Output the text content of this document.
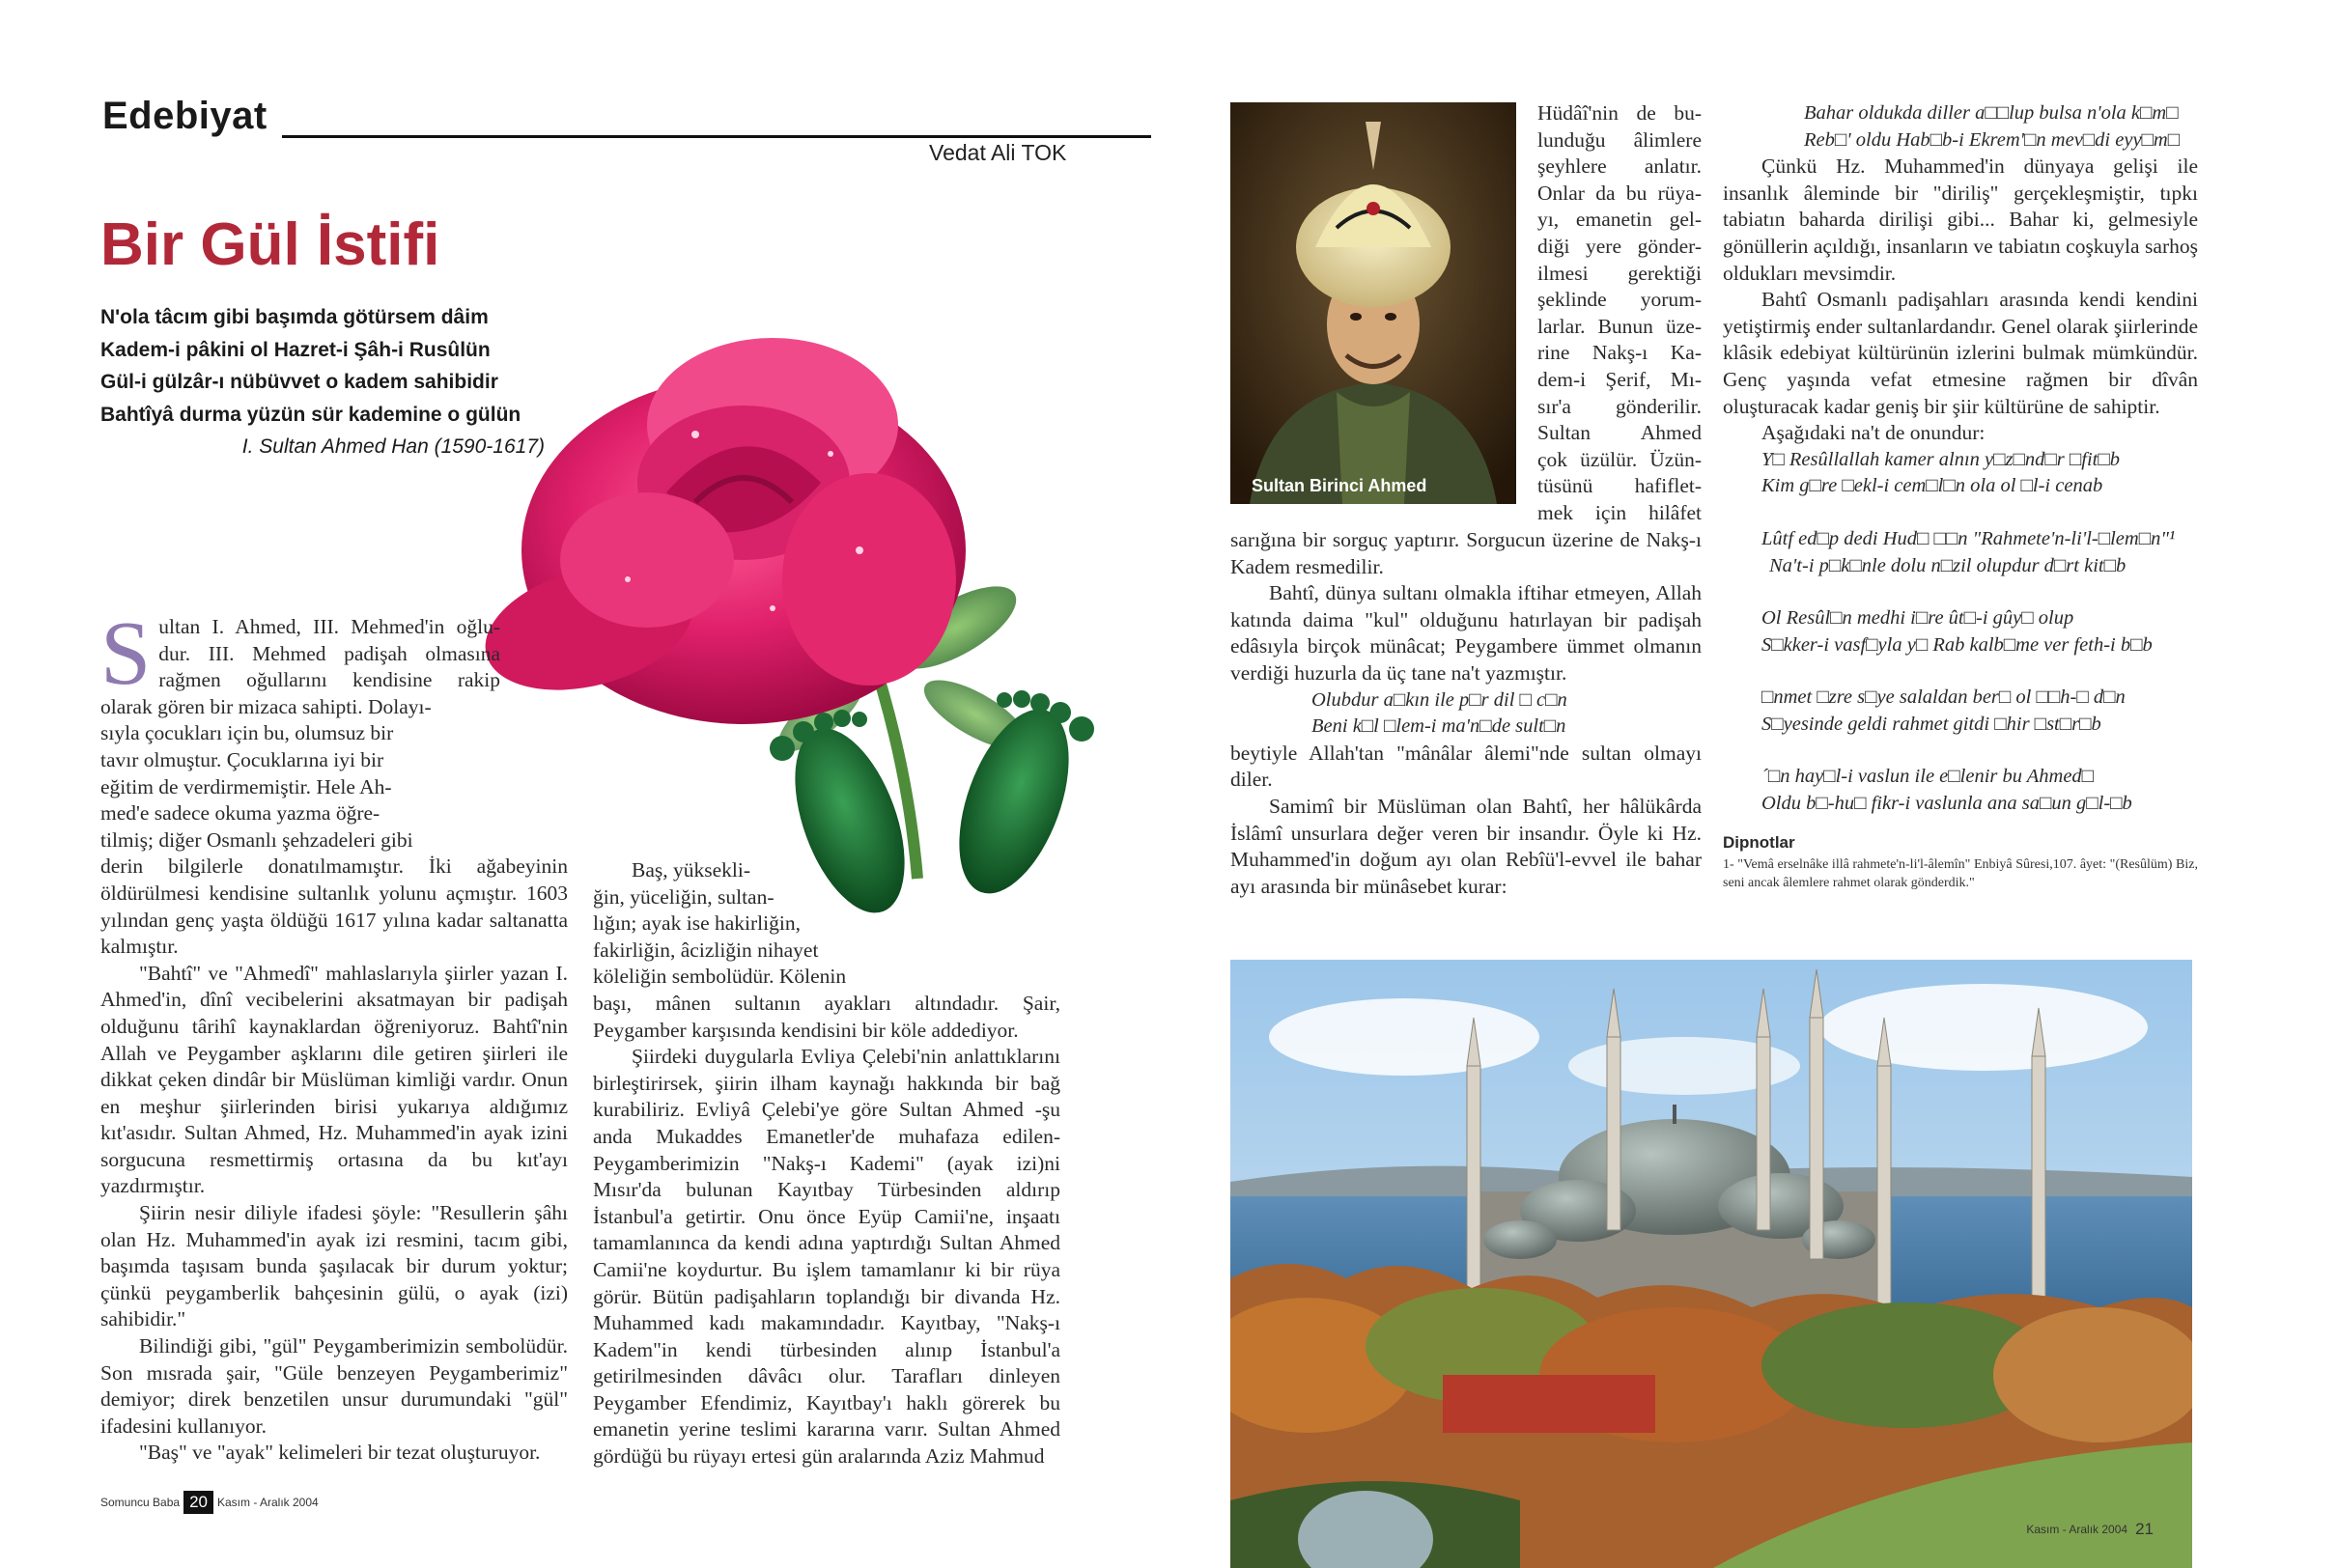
Edebiyat
Vedat Ali TOK
Bir Gül İstifi
N'ola tâcım gibi başımda götürsem dâim
Kadem-i pâkini ol Hazret-i Şâh-i Rusûlün
Gül-i gülzâr-ı nübüvvet o kadem sahibidir
Bahtîyâ durma yüzün sür kademine o gülün
I. Sultan Ahmed Han (1590-1617)
S ultan I. Ahmed, III. Mehmed'in oğlu-
dur. III. Mehmed padişah olmasına
rağmen oğullarını kendisine rakip
olarak gören bir mizaca sahipti. Dolayı-
sıyla çocukları için bu, olumsuz bir
tavır olmuştur. Çocuklarına iyi bir
eğitim de verdirmemiştir. Hele Ah-
med'e sadece okuma yazma öğre-
tilmiş; diğer Osmanlı şehzadeleri gibi

derin bilgilerle donatılmamıştır. İki ağabeyinin öldürülmesi kendisine sultanlık yolunu açmıştır. 1603 yılından genç yaşta öldüğü 1617 yılına kadar saltanatta kalmıştır.

"Bahtî" ve "Ahmedî" mahlaslarıyla şiirler yazan I. Ahmed'in, dînî vecibelerini aksatmayan bir padişah olduğunu târihî kaynaklardan öğreniyoruz. Bahtî'nin Allah ve Peygamber aşklarını dile getiren şiirleri ile dikkat çeken dindâr bir Müslüman kimliği vardır. Onun en meşhur şiirlerinden birisi yukarıya aldığımız kıt'asıdır. Sultan Ahmed, Hz. Muhammed'in ayak izini sorgucuna resmettirmiş ortasına da bu kıt'ayı yazdırmıştır.

Şiirin nesir diliyle ifadesi şöyle: "Resullerin şâhı olan Hz. Muhammed'in ayak izi resmini, tacım gibi, başımda taşısam bunda şaşılacak bir durum yoktur; çünkü peygamberlik bahçesinin gülü, o ayak (izi) sahibidir."

Bilindiği gibi, "gül" Peygamberimizin sembolüdür. Son mısrada şair, "Güle benzeyen Peygamberimiz" demiyor; direk benzetilen unsur durumundaki "gül" ifadesini kullanıyor.

"Baş" ve "ayak" kelimeleri bir tezat oluşturuyor.

Baş, yüksekli-
ğin, yüceliğin, sultan-
lığın; ayak ise hakirliğin,
fakirliğin, âcizliğin nihayet
köleliğin sembolüdür. Kölenin

başı, mânen sultanın ayakları altındadır. Şair, Peygamber karşısında kendisini bir köle addediyor.

Şiirdeki duygularla Evliya Çelebi'nin anlattıklarını birleştirirsek, şiirin ilham kaynağı hakkında bir bağ kurabiliriz. Evliyâ Çelebi'ye göre Sultan Ahmed -şu anda Mukaddes Emanetler'de muhafaza edilen- Peygamberimizin "Nakş-ı Kademi" (ayak izi)ni Mısır'da bulunan Kayıtbay Türbesinden aldırıp İstanbul'a getirtir. Onu önce Eyüp Camii'ne, inşaatı tamamlanınca da kendi adına yaptırdığı Sultan Ahmed Camii'ne koydurtur. Bu işlem tamamlanır ki bir rüya görür. Bütün padişahların toplandığı bir divanda Hz. Muhammed kadı makamındadır. Kayıtbay, "Nakş-ı Kadem"in kendi türbesinden alınıp İstanbul'a getirilmesinden dâvâcı olur. Tarafları dinleyen Peygamber Efendimiz, Kayıtbay'ı haklı görerek bu emanetin yerine teslimi kararına varır. Sultan Ahmed gördüğü bu rüyayı ertesi gün aralarında Aziz Mahmud

Somuncu Baba 20 Kasım - Aralık 2004
Sultan Birinci Ahmed
Hüdâî'nin de bu-
lunduğu âlimlere
şeyhlere anlatır.
Onlar da bu rüya-
yı, emanetin gel-
diği yere gönder-
ilmesi gerektiği
şeklinde yorum-
larlar. Bunun üze-
rine Nakş-ı Ka-
dem-i Şerif, Mı-
sır'a gönderilir.
Sultan Ahmed
çok üzülür. Üzün-
tüsünü hafiflet-
mek için hilâfet

sarığına bir sorguç yaptırır. Sorgucun üzerine de Nakş-ı Kadem resmedilir.

Bahtî, dünya sultanı olmakla iftihar etmeyen, Allah katında daima "kul" olduğunu hatırlayan bir padişah edâsıyla birçok münâcat; Peygambere ümmet olmanın verdiği huzurla da üç tane na't yazmıştır.

Olubdur a□kın ile p□r dil □ c□n

Beni k□l □lem-i ma'n□de sult□n

beytiyle Allah'tan "mânâlar âlemi"nde sultan olmayı diler.

Samimî bir Müslüman olan Bahtî, her hâlükârda İslâmî unsurlara değer veren bir insandır. Öyle ki Hz. Muhammed'in doğum ayı olan Rebîü'l-evvel ile bahar ayı arasında bir münâsebet kurar:

Bahar oldukda diller a□□lup bulsa n'ola k□m□

Reb□' oldu Hab□b-i Ekrem'□n mev□di eyy□m□

Çünkü Hz. Muhammed'in dünyaya gelişi ile insanlık âleminde bir "diriliş" gerçekleşmiştir, tıpkı tabiatın baharda dirilişi gibi... Bahar ki, gelmesiyle gönüllerin açıldığı, insanların ve tabiatın coşkuyla sarhoş oldukları mevsimdir.

Bahtî Osmanlı padişahları arasında kendi kendini yetiştirmiş ender sultanlardandır. Genel olarak şiirlerinde klâsik edebiyat kültürünün izlerini bulmak mümkündür. Genç yaşında vefat etmesine rağmen bir dîvân oluşturacak kadar geniş bir şiir kültürüne de sahiptir.

Aşağıdaki na't de onundur:

Y□ Resûllallah kamer alnın y□z□nd□r □fit□b

Kim g□re □ekl-i cem□l□n ola ol □l-i cenab

Lûtf ed□p dedi Hud□ □□n "Rahmete'n-li'l-□lem□n"¹

Na't-i p□k□nle dolu n□zil olupdur d□rt kit□b

Ol Resûl□n medhi i□re ût□-i gûy□ olup

S□kker-i vasf□yla y□ Rab kalb□me ver feth-i b□b

□nmet □zre s□ye salaldan ber□ ol □□h-□ d□n

S□yesinde geldi rahmet gitdi □hir □st□r□b

´□n hay□l-i vaslun ile e□lenir bu Ahmed□

Oldu b□-hu□ fikr-i vaslunla ana sa□un g□l-□b

Dipnotlar
1- "Vemâ erselnâke illâ rahmete'n-li'l-âlemîn" Enbiyâ Sûresi,107. âyet: "(Resûlüm) Biz, seni ancak âlemlere rahmet olarak gönderdik."
Kasım - Aralık 2004 21
